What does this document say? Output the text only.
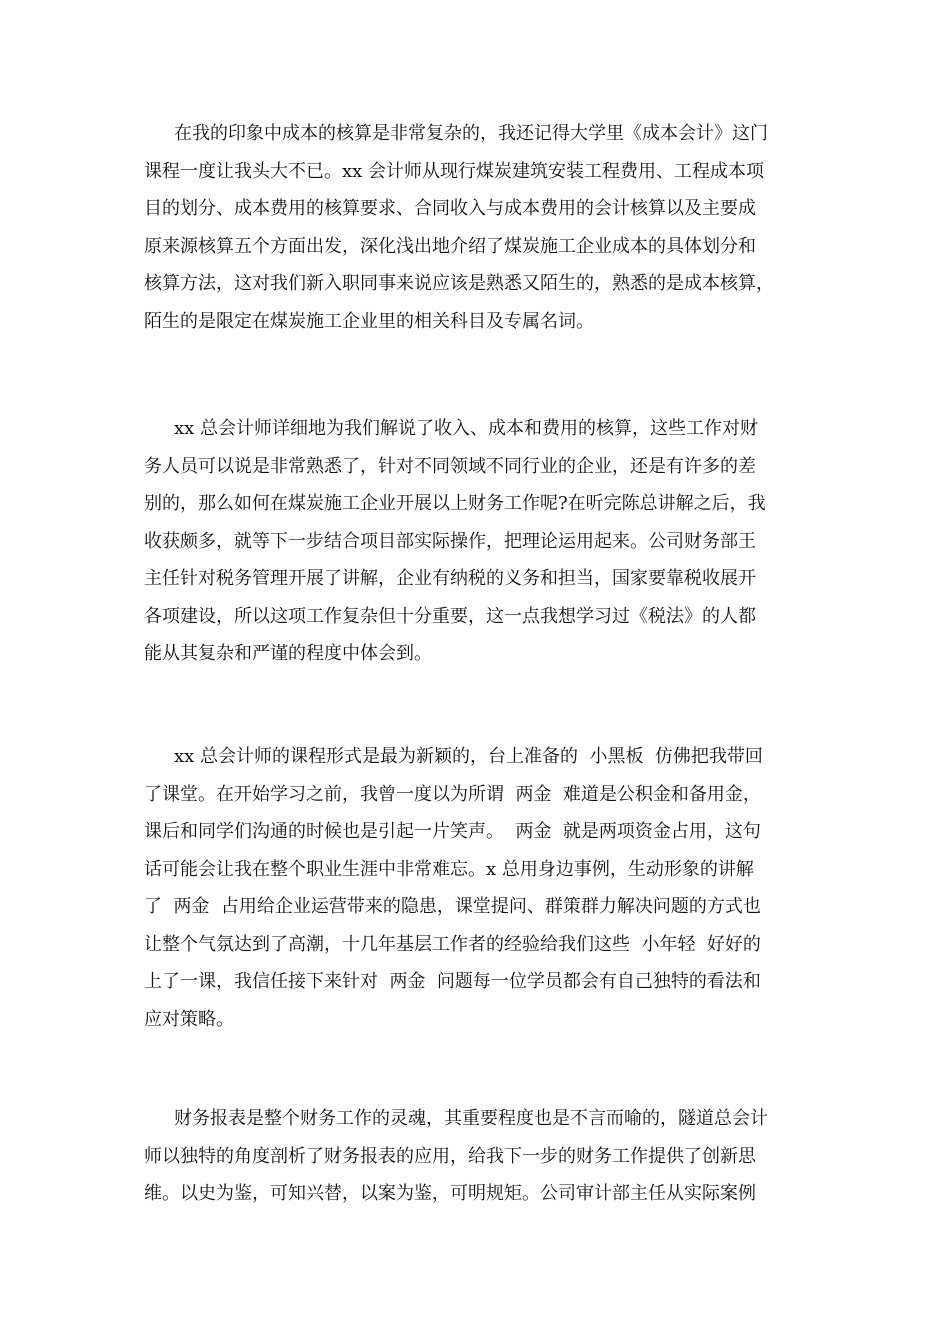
在我的印象中成本的核算是非常复杂的，我还记得大学里《成本会计》这门
课程一度让我头大不已。xx 会计师从现行煤炭建筑安装工程费用、工程成本项
目的划分、成本费用的核算要求、合同收入与成本费用的会计核算以及主要成
原来源核算五个方面出发，深化浅出地介绍了煤炭施工企业成本的具体划分和
核算方法，这对我们新入职同事来说应该是熟悉又陌生的，熟悉的是成本核算，
陌生的是限定在煤炭施工企业里的相关科目及专属名词。
xx 总会计师详细地为我们解说了收入、成本和费用的核算，这些工作对财
务人员可以说是非常熟悉了，针对不同领域不同行业的企业，还是有许多的差
别的，那么如何在煤炭施工企业开展以上财务工作呢?在听完陈总讲解之后，我
收获颇多，就等下一步结合项目部实际操作，把理论运用起来。公司财务部王
主任针对税务管理开展了讲解，企业有纳税的义务和担当，国家要靠税收展开
各项建设，所以这项工作复杂但十分重要，这一点我想学习过《税法》的人都
能从其复杂和严谨的程度中体会到。
xx 总会计师的课程形式是最为新颖的，台上准备的  小黑板  仿佛把我带回
了课堂。在开始学习之前，我曾一度以为所谓  两金  难道是公积金和备用金，
课后和同学们沟通的时候也是引起一片笑声。  两金  就是两项资金占用，这句
话可能会让我在整个职业生涯中非常难忘。x 总用身边事例，生动形象的讲解
了  两金  占用给企业运营带来的隐患，课堂提问、群策群力解决问题的方式也
让整个气氛达到了高潮，十几年基层工作者的经验给我们这些  小年轻  好好的
上了一课，我信任接下来针对  两金  问题每一位学员都会有自己独特的看法和
应对策略。
财务报表是整个财务工作的灵魂，其重要程度也是不言而喻的，隧道总会计
师以独特的角度剖析了财务报表的应用，给我下一步的财务工作提供了创新思
维。以史为鉴，可知兴替，以案为鉴，可明规矩。公司审计部主任从实际案例
